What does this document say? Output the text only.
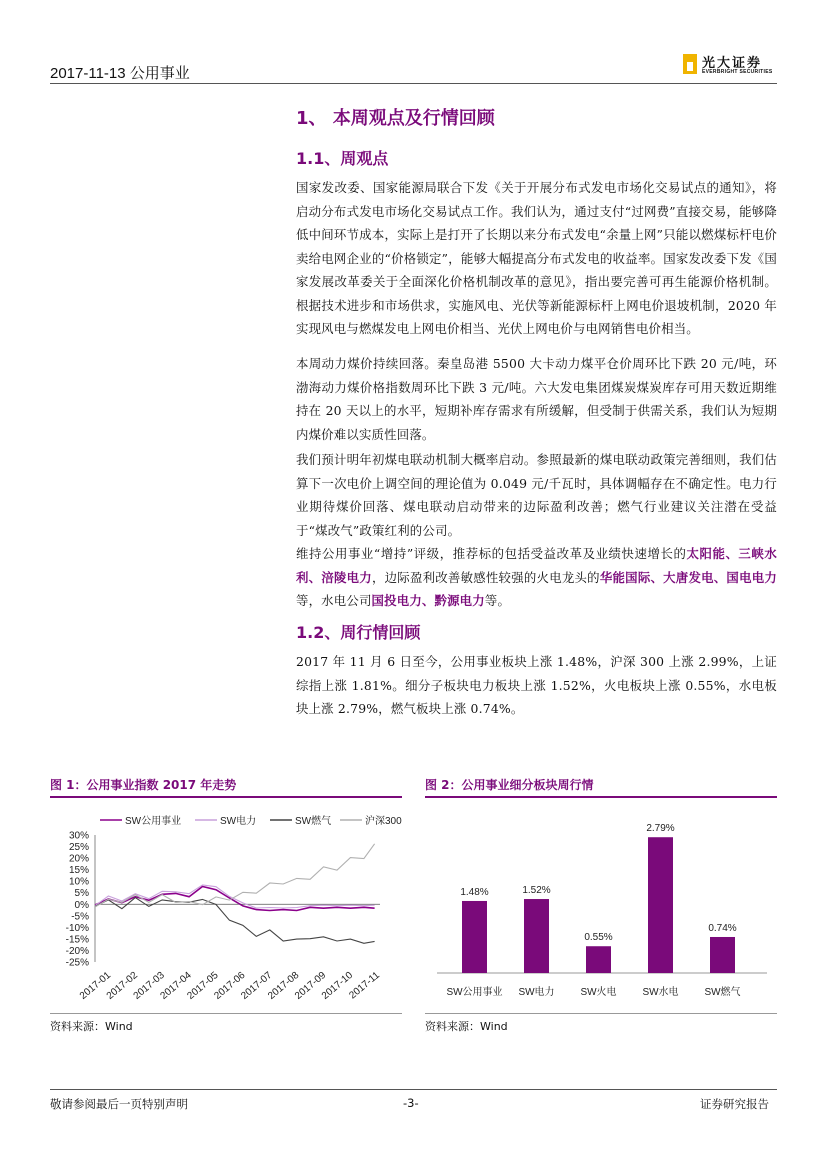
2017-11-13 公用事业
光大证券
EVERBRIGHT SECURITIES
1、 本周观点及行情回顾
1.1、周观点
国家发改委、国家能源局联合下发《关于开展分布式发电市场化交易试点的通知》，将启动分布式发电市场化交易试点工作。我们认为，通过支付“过网费”直接交易，能够降低中间环节成本，实际上是打开了长期以来分布式发电“余量上网”只能以燃煤标杆电价卖给电网企业的“价格锁定”，能够大幅提高分布式发电的收益率。国家发改委下发《国家发展改革委关于全面深化价格机制改革的意见》，指出要完善可再生能源价格机制。根据技术进步和市场供求，实施风电、光伏等新能源标杆上网电价退坡机制，2020 年实现风电与燃煤发电上网电价相当、光伏上网电价与电网销售电价相当。
本周动力煤价持续回落。秦皇岛港 5500 大卡动力煤平仓价周环比下跌 20 元/吨，环渤海动力煤价格指数周环比下跌 3 元/吨。六大发电集团煤炭煤炭库存可用天数近期维持在 20 天以上的水平，短期补库存需求有所缓解，但受制于供需关系，我们认为短期内煤价难以实质性回落。
我们预计明年初煤电联动机制大概率启动。参照最新的煤电联动政策完善细则，我们估算下一次电价上调空间的理论值为 0.049 元/千瓦时，具体调幅存在不确定性。电力行业期待煤价回落、煤电联动启动带来的边际盈利改善；燃气行业建议关注潜在受益于“煤改气”政策红利的公司。
维持公用事业“增持”评级，推荐标的包括受益改革及业绩快速增长的太阳能、三峡水利、涪陵电力，边际盈利改善敏感性较强的火电龙头的华能国际、大唐发电、国电电力等，水电公司国投电力、黔源电力等。
1.2、周行情回顾
2017 年 11 月 6 日至今，公用事业板块上涨 1.48%，沪深 300 上涨 2.99%，上证综指上涨 1.81%。细分子板块电力板块上涨 1.52%，火电板块上涨 0.55%，水电板块上涨 2.79%，燃气板块上涨 0.74%。
图 1：公用事业指数 2017 年走势
SW公用事业	SW电力	SW燃气	沪深300
30%
25%
20%
15%
10%
5%
0%
-5%
-10%
-15%
-20%
-25%
2017-01
2017-02
2017-03
2017-04
2017-05
2017-06
2017-07
2017-08
2017-09
2017-10
2017-11
资料来源：Wind
图 2：公用事业细分板块周行情
1.48%
SW公用事业
1.52%
SW电力
0.55%
SW火电
2.79%
SW水电
0.74%
SW燃气
资料来源：Wind
敬请参阅最后一页特别声明	-3-	证券研究报告
